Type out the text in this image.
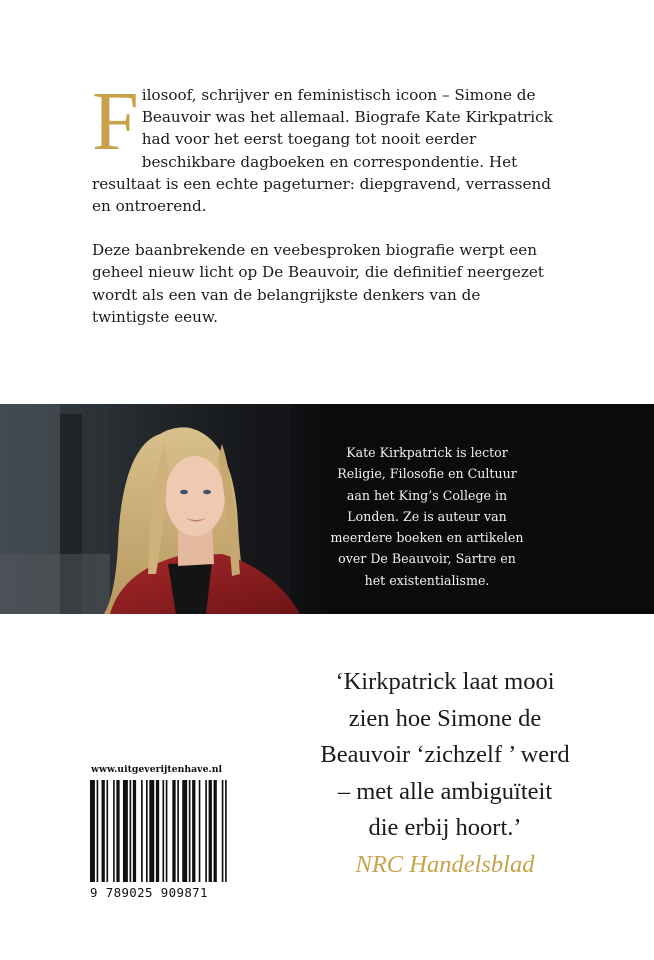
Filosoof, schrijver en feministisch icoon – Simone de Beauvoir was het allemaal. Biografe Kate Kirkpatrick had voor het eerst toegang tot nooit eerder beschikbare dagboeken en correspondentie. Het resultaat is een echte pageturner: diepgravend, verrassend en ontroerend.

Deze baanbrekende en veebesproken biografie werpt een geheel nieuw licht op De Beauvoir, die definitief neergezet wordt als een van de belangrijkste denkers van de twintigste eeuw.

Kate Kirkpatrick is lector
Religie, Filosofie en Cultuur
aan het King’s College in
Londen. Ze is auteur van
meerdere boeken en artikelen
over De Beauvoir, Sartre en
het existentialisme.
‘Kirkpatrick laat mooi
zien hoe Simone de
Beauvoir ‘zichzelf ’ werd
– met alle ambiguïteit
die erbij hoort.’
NRC Handelsblad
www.uitgeverijtenhave.nl
9 789025 909871
